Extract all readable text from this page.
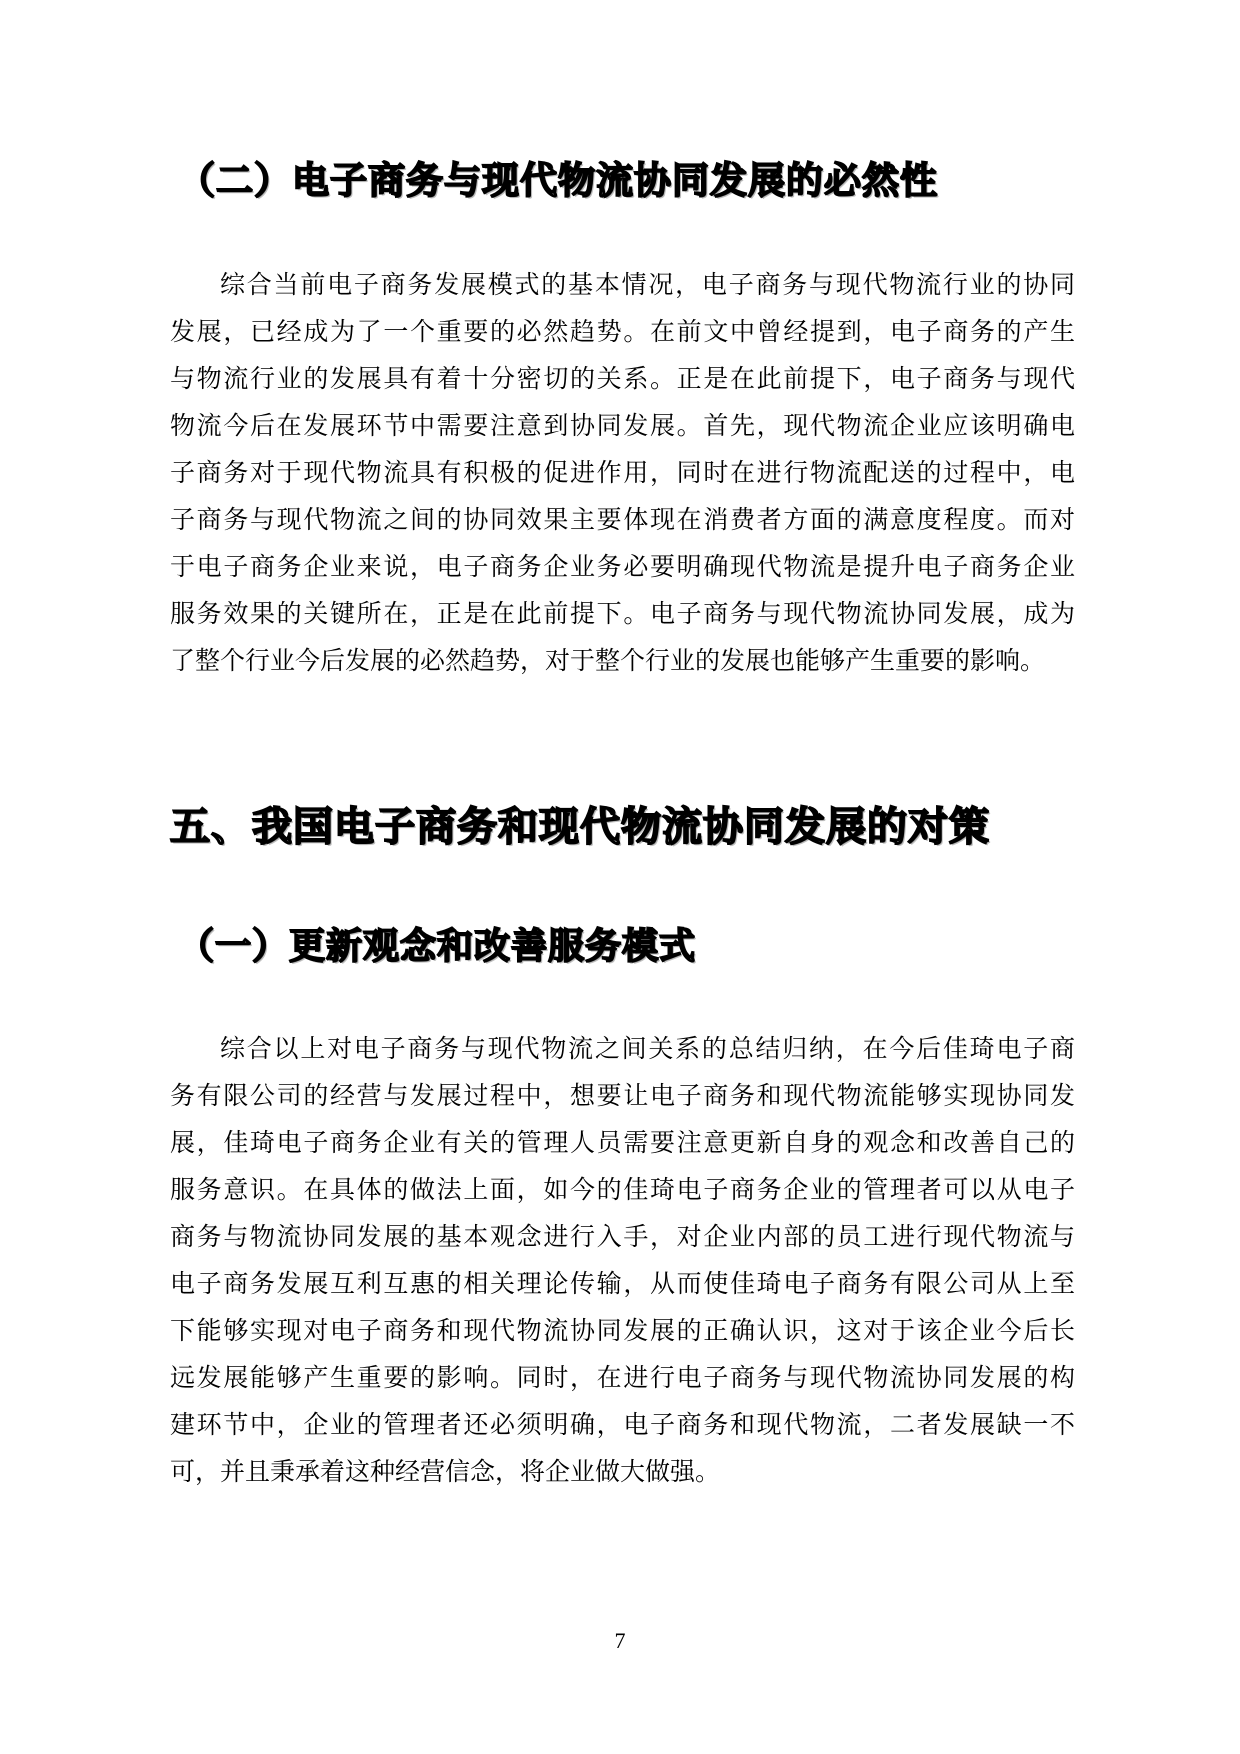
（二）电子商务与现代物流协同发展的必然性
综合当前电子商务发展模式的基本情况，电子商务与现代物流行业的协同
发展，已经成为了一个重要的必然趋势。在前文中曾经提到，电子商务的产生
与物流行业的发展具有着十分密切的关系。正是在此前提下，电子商务与现代
物流今后在发展环节中需要注意到协同发展。首先，现代物流企业应该明确电
子商务对于现代物流具有积极的促进作用，同时在进行物流配送的过程中，电
子商务与现代物流之间的协同效果主要体现在消费者方面的满意度程度。而对
于电子商务企业来说，电子商务企业务必要明确现代物流是提升电子商务企业
服务效果的关键所在，正是在此前提下。电子商务与现代物流协同发展，成为
了整个行业今后发展的必然趋势，对于整个行业的发展也能够产生重要的影响。
五、我国电子商务和现代物流协同发展的对策
（一）更新观念和改善服务模式
综合以上对电子商务与现代物流之间关系的总结归纳，在今后佳琦电子商
务有限公司的经营与发展过程中，想要让电子商务和现代物流能够实现协同发
展，佳琦电子商务企业有关的管理人员需要注意更新自身的观念和改善自己的
服务意识。在具体的做法上面，如今的佳琦电子商务企业的管理者可以从电子
商务与物流协同发展的基本观念进行入手，对企业内部的员工进行现代物流与
电子商务发展互利互惠的相关理论传输，从而使佳琦电子商务有限公司从上至
下能够实现对电子商务和现代物流协同发展的正确认识，这对于该企业今后长
远发展能够产生重要的影响。同时，在进行电子商务与现代物流协同发展的构
建环节中，企业的管理者还必须明确，电子商务和现代物流，二者发展缺一不
可，并且秉承着这种经营信念，将企业做大做强。
7
